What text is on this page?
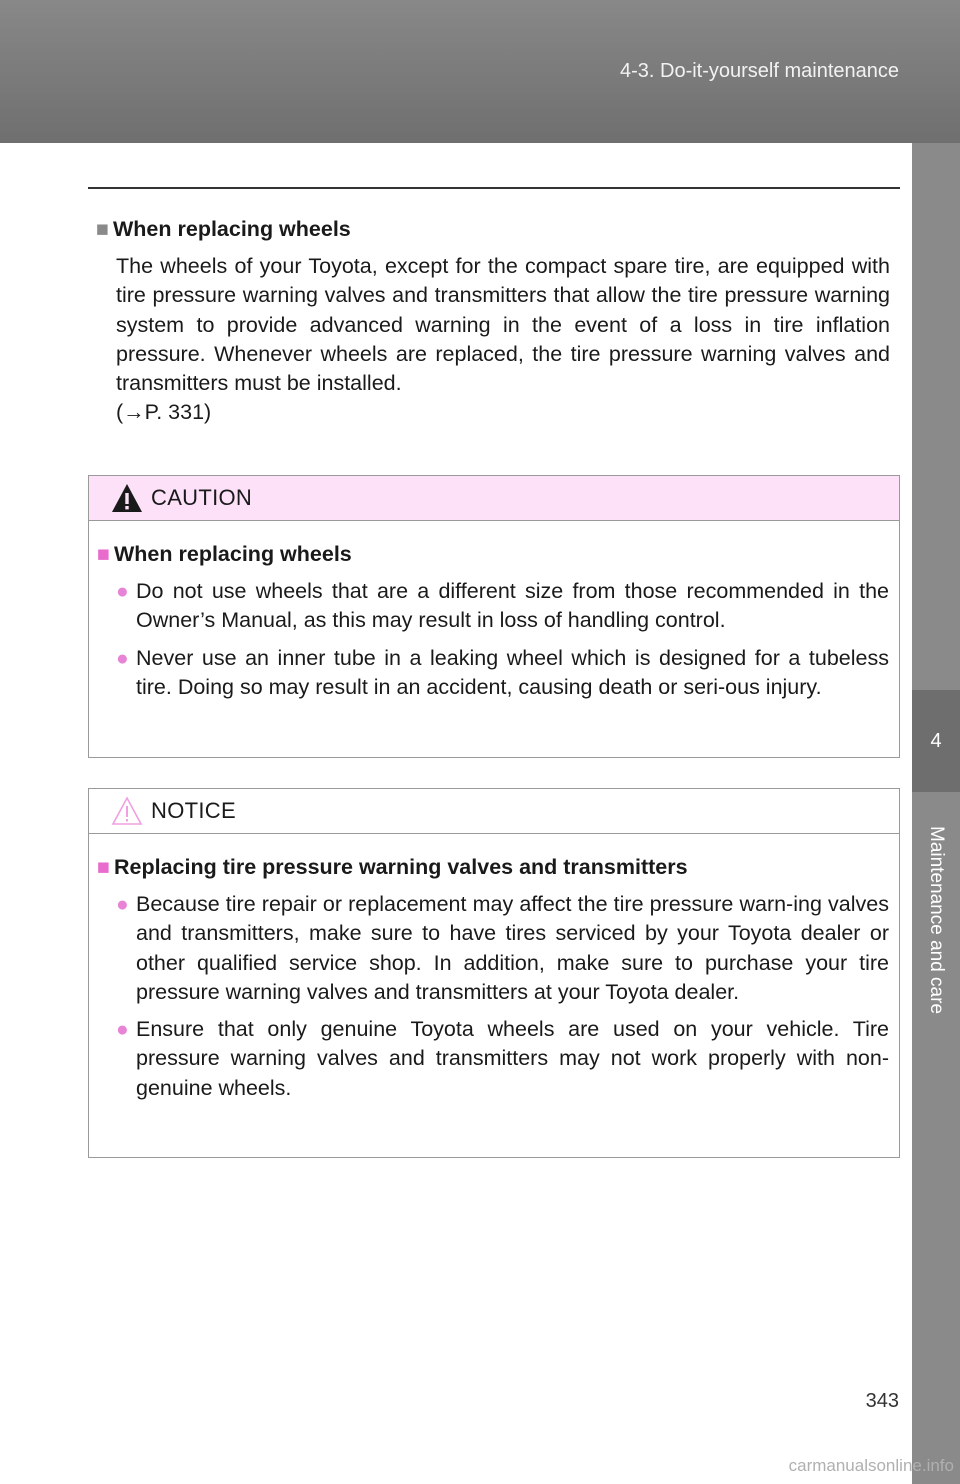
4-3. Do-it-yourself maintenance
4
Maintenance and care

■ When replacing wheels

The wheels of your Toyota, except for the compact spare tire, are equipped with tire pressure warning valves and transmitters that allow the tire pressure warning system to provide advanced warning in the event of a loss in tire inflation pressure. Whenever wheels are replaced, the tire pressure warning valves and transmitters must be installed.
(→P. 331)

CAUTION

■ When replacing wheels

● Do not use wheels that are a different size from those recommended in the Owner’s Manual, as this may result in loss of handling control.
● Never use an inner tube in a leaking wheel which is designed for a tubeless tire. Doing so may result in an accident, causing death or seri-ous injury.
NOTICE

■ Replacing tire pressure warning valves and transmitters

● Because tire repair or replacement may affect the tire pressure warn-ing valves and transmitters, make sure to have tires serviced by your Toyota dealer or other qualified service shop. In addition, make sure to purchase your tire pressure warning valves and transmitters at your Toyota dealer.
● Ensure that only genuine Toyota wheels are used on your vehicle. Tire pressure warning valves and transmitters may not work properly with non-genuine wheels.
343
carmanualsonline.info
